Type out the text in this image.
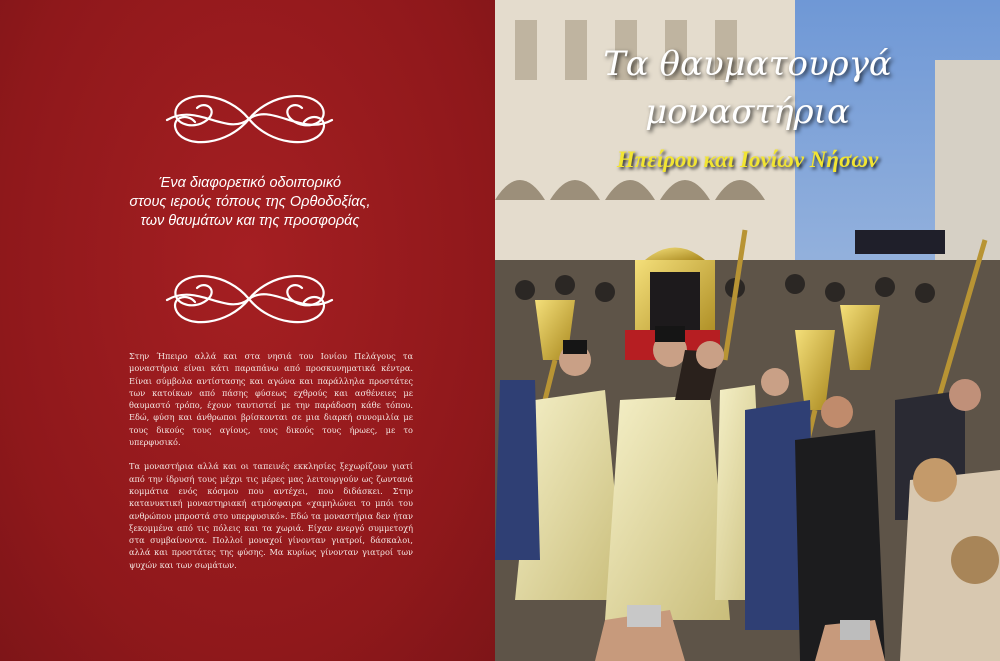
Ένα διαφορετικό οδοιπορικό
στους ιερούς τόπους της Ορθοδοξίας,
των θαυμάτων και της προσφοράς

Στην Ήπειρο αλλά και στα νησιά του Ιονίου Πελάγους τα μοναστήρια είναι κάτι παραπάνω από προσκυνηματικά κέντρα. Είναι σύμβολα αντίστασης και αγώνα και παράλληλα προστάτες των κατοίκων από πάσης φύσεως εχθρούς και ασθένειες με θαυμαστό τρόπο, έχουν ταυτιστεί με την παράδοση κάθε τόπου. Εδώ, φύση και άνθρωποι βρίσκονται σε μια διαρκή συνομιλία με τους δικούς τους αγίους, τους δικούς τους ήρωες, με το υπερφυσικό.

Τα μοναστήρια αλλά και οι ταπεινές εκκλησίες ξεχωρίζουν γιατί από την ίδρυσή τους μέχρι τις μέρες μας λειτουργούν ως ζωντανά κομμάτια ενός κόσμου που αντέχει, που διδάσκει. Στην κατανυκτική μοναστηριακή ατμόσφαιρα «χαμηλώνει το μπόι του ανθρώπου μπροστά στο υπερφυσικό». Εδώ τα μοναστήρια δεν ήταν ξεκομμένα από τις πόλεις και τα χωριά. Είχαν ενεργό συμμετοχή στα συμβαίνοντα. Πολλοί μοναχοί γίνονταν γιατροί, δάσκαλοι, αλλά και προστάτες της φύσης. Μα κυρίως γίνονταν γιατροί των ψυχών και των σωμάτων.

Τα θαυματουργά
μοναστήρια
Ηπείρου και Ιονίων Νήσων
